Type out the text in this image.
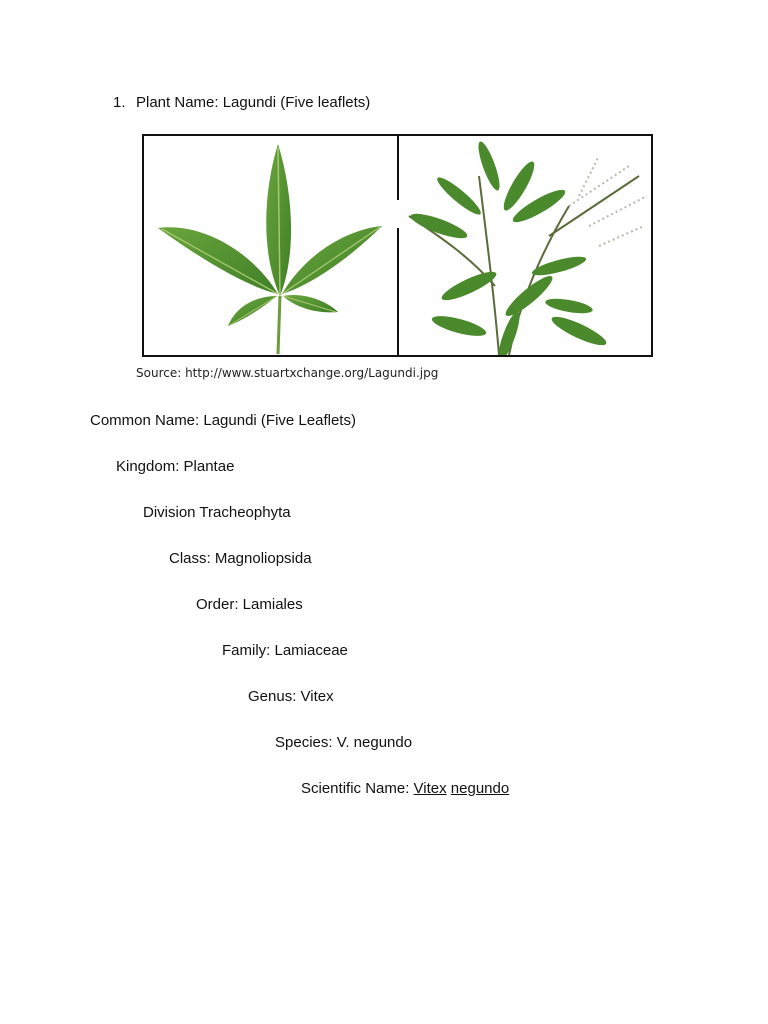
1. Plant Name: Lagundi (Five leaflets)
Source: http://www.stuartxchange.org/Lagundi.jpg
Common Name: Lagundi (Five Leaflets)
Kingdom: Plantae
Division Tracheophyta
Class: Magnoliopsida
Order: Lamiales
Family: Lamiaceae
Genus: Vitex
Species: V. negundo
Scientific Name: Vitex negundo
